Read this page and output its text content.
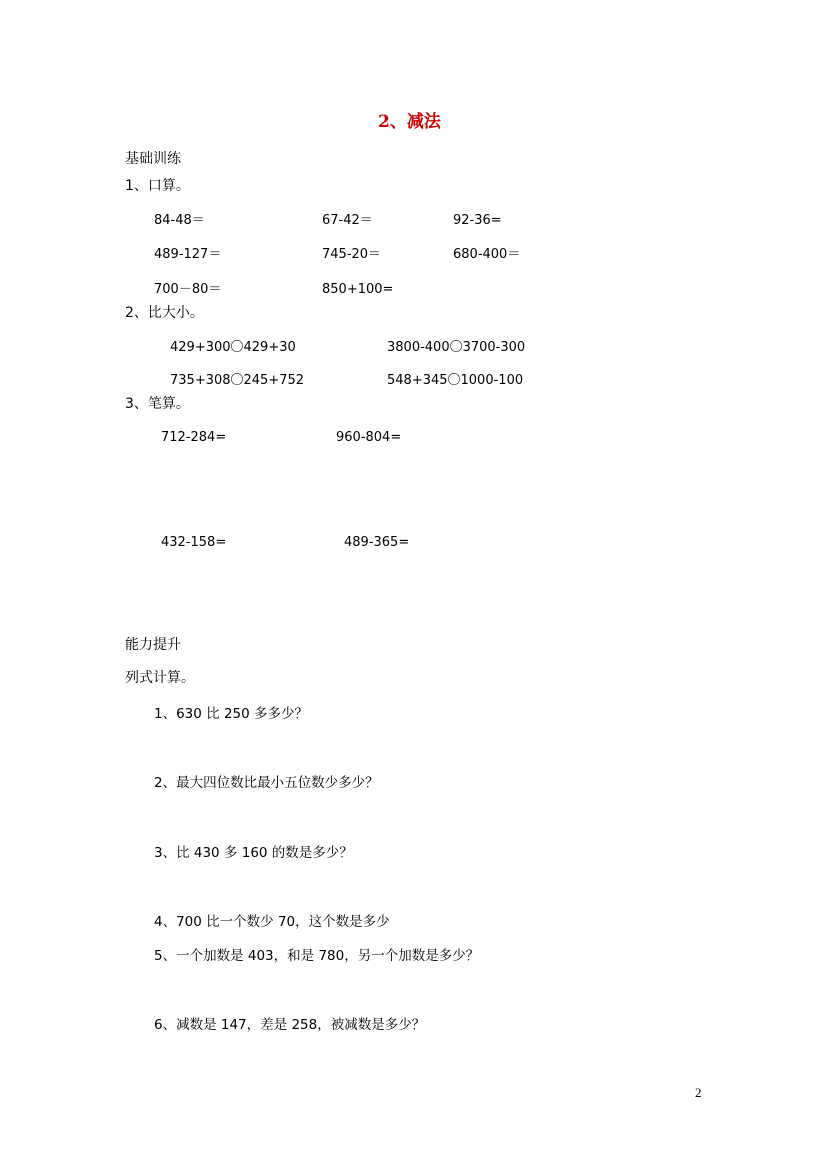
2、减法
基础训练
1、口算。
84-48＝	67-42＝	92-36=
489-127＝	745-20＝	680-400＝
700－80＝	850+100=
2、比大小。
429+300〇429+30	3800-400〇3700-300
735+308〇245+752	548+345〇1000-100
3、笔算。
712-284=	960-804=
432-158=	489-365=
能力提升
列式计算。
1、630 比 250 多多少？
2、最大四位数比最小五位数少多少？
3、比 430 多 160 的数是多少？
4、700 比一个数少 70，这个数是多少
5、一个加数是 403，和是 780，另一个加数是多少？
6、减数是 147，差是 258，被减数是多少？
2
